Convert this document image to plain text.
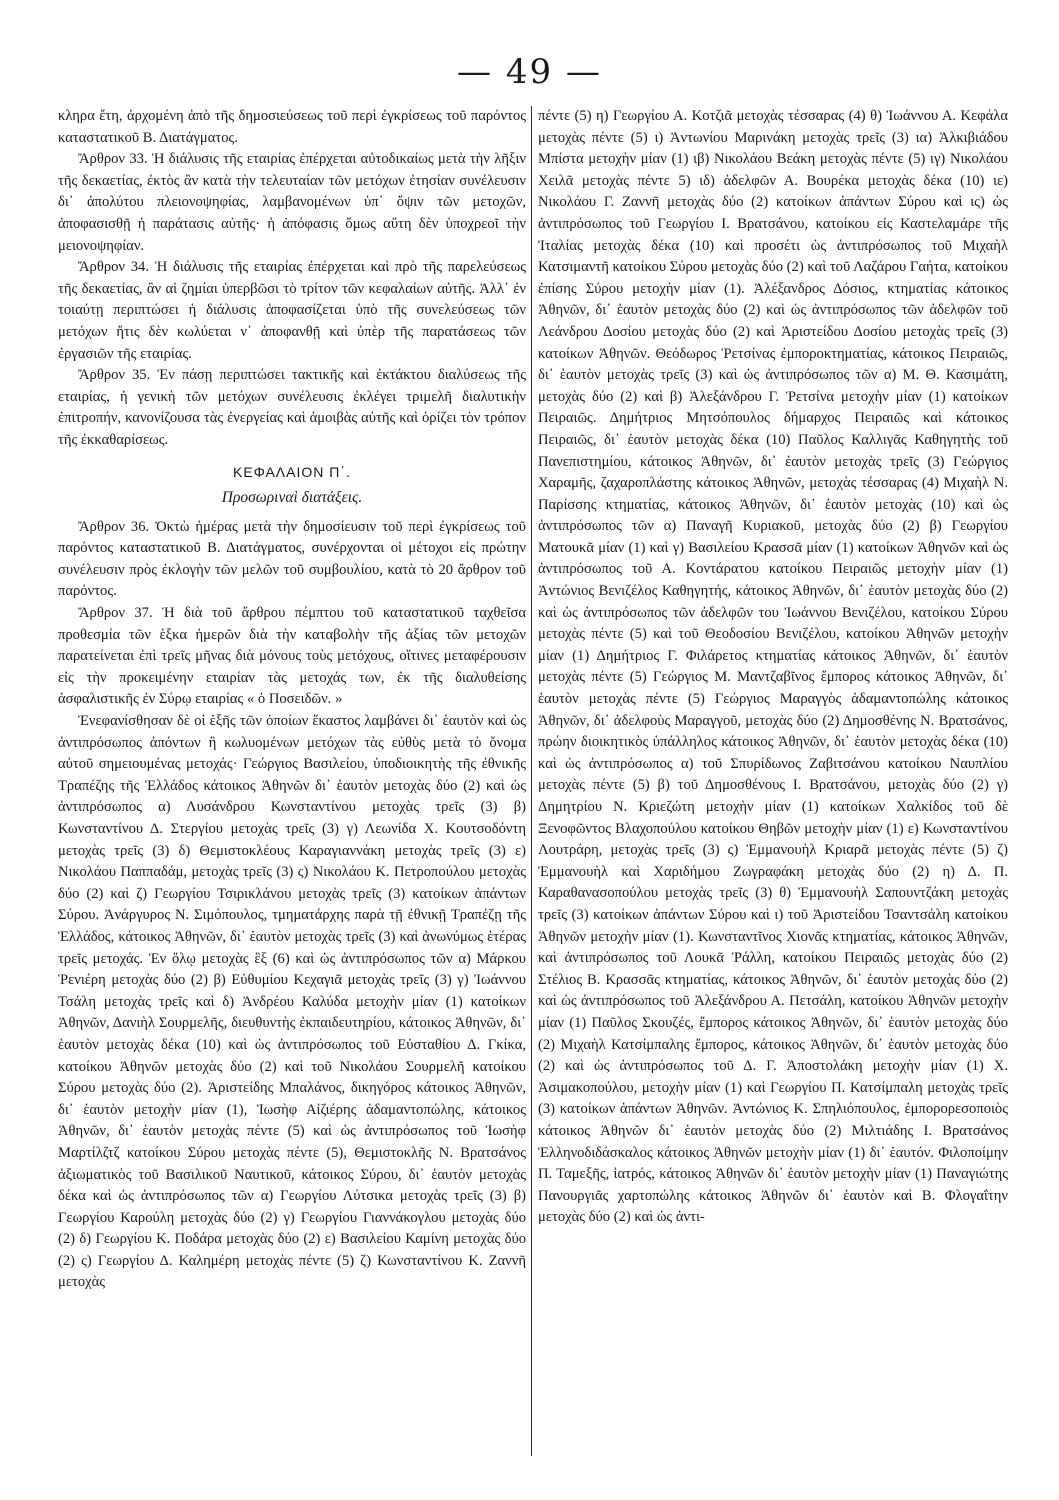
— 49 —

κληρα ἔτη, ἀρχομένη ἀπὸ τῆς δημοσιεύσεως τοῦ περὶ ἐγκρίσεως τοῦ παρόντος καταστατικοῦ Β. Διατάγματος.

Ἄρθρον 33. Ἡ διάλυσις τῆς εταιρίας ἐπέρχεται αὐτοδικαίως μετὰ τὴν λῆξιν τῆς δεκαετίας, ἐκτὸς ἂν κατὰ τὴν τελευταίαν τῶν μετόχων ἐτησίαν συνέλευσιν δι᾽ ἀπολύτου πλειονοψηφίας, λαμβανομένων ὑπ᾽ ὄψιν τῶν μετοχῶν, ἀποφασισθῇ ἡ παράτασις αὐτῆς· ἡ ἀπόφασις ὅμως αὕτη δὲν ὑποχρεοῖ τὴν μειονοψηφίαν.

Ἄρθρον 34. Ἡ διάλυσις τῆς εταιρίας ἐπέρχεται καὶ πρὸ τῆς παρελεύσεως τῆς δεκαετίας, ἂν αἱ ζημίαι ὑπερβῶσι τὸ τρίτον τῶν κεφαλαίων αὐτῆς. Ἀλλ᾽ ἐν τοιαύτῃ περιπτώσει ἡ διάλυσις ἀποφασίζεται ὑπὸ τῆς συνελεύσεως τῶν μετόχων ἥτις δὲν κωλύεται ν᾽ ἀποφανθῇ καὶ ὑπὲρ τῆς παρατάσεως τῶν ἐργασιῶν τῆς εταιρίας.

Ἄρθρον 35. Ἐν πάσῃ περιπτώσει τακτικῆς καὶ ἐκτάκτου διαλύσεως τῆς εταιρίας, ἡ γενικὴ τῶν μετόχων συνέλευσις ἐκλέγει τριμελῆ διαλυτικὴν ἐπιτροπήν, κανονίζουσα τὰς ἐνεργείας καὶ ἀμοιβὰς αὐτῆς καὶ ὁρίζει τὸν τρόπον τῆς ἐκκαθαρίσεως.

ΚΕΦΑΛΑΙΟΝ Π΄.
Προσωριναὶ διατάξεις.

Ἄρθρον 36. Ὀκτὼ ἡμέρας μετὰ τὴν δημοσίευσιν τοῦ περὶ ἐγκρίσεως τοῦ παρόντος καταστατικοῦ Β. Διατάγματος, συνέρχονται οἱ μέτοχοι εἰς πρώτην συνέλευσιν πρὸς ἐκλογὴν τῶν μελῶν τοῦ συμβουλίου, κατὰ τὸ 20 ἄρθρον τοῦ παρόντος.

Ἄρθρον 37. Ἡ διὰ τοῦ ἄρθρου πέμπτου τοῦ καταστατικοῦ ταχθεῖσα προθεσμία τῶν ἑξκα ἡμερῶν διὰ τὴν καταβολὴν τῆς ἀξίας τῶν μετοχῶν παρατείνεται ἐπὶ τρεῖς μῆνας διὰ μόνους τοὺς μετόχους, οἵτινες μεταφέρουσιν εἰς τὴν προκειμένην εταιρίαν τὰς μετοχάς των, ἐκ τῆς διαλυθείσης ἀσφαλιστικῆς ἐν Σύρῳ εταιρίας « ὁ Ποσειδῶν. »

Ἐνεφανίσθησαν δὲ οἱ ἑξῆς τῶν ὁποίων ἕκαστος λαμβάνει δι᾽ ἑαυτὸν καὶ ὡς ἀντιπρόσωπος ἀπόντων ἢ κωλυομένων μετόχων τὰς εὐθὺς μετὰ τὸ ὄνομα αὐτοῦ σημειουμένας μετοχάς· Γεώργιος Βασιλείου, ὑποδιοικητὴς τῆς ἐθνικῆς Τραπέζης τῆς Ἑλλάδος κάτοικος Ἀθηνῶν δι᾽ ἑαυτὸν μετοχὰς δύο (2) καὶ ὡς ἀντιπρόσωπος α) Λυσάνδρου Κωνσταντίνου μετοχὰς τρεῖς (3) β) Κωνσταντίνου Δ. Στεργίου μετοχὰς τρεῖς (3) γ) Λεωνίδα Χ. Κουτσοδόντη μετοχὰς τρεῖς (3) δ) Θεμιστοκλέους Καραγιαννάκη μετοχὰς τρεῖς (3) ε) Νικολάου Παππαδάμ, μετοχὰς τρεῖς (3) ς) Νικολάου Κ. Πετροπούλου μετοχὰς δύο (2) καὶ ζ) Γεωργίου Τσιρικλάνου μετοχὰς τρεῖς (3) κατοίκων ἁπάντων Σύρου. Ἀνάργυρος Ν. Σιμόπουλος, τμηματάρχης παρὰ τῇ ἐθνικῇ Τραπέζῃ τῆς Ἑλλάδος, κάτοικος Ἀθηνῶν, δι᾽ ἑαυτὸν μετοχὰς τρεῖς (3) καὶ ἀνωνύμως ἑτέρας τρεῖς μετοχάς. Ἐν ὅλῳ μετοχὰς ἓξ (6) καὶ ὡς ἀντιπρόσωπος τῶν α) Μάρκου Ῥενιέρη μετοχὰς δύο (2) β) Εὐθυμίου Κεχαγιᾶ μετοχὰς τρεῖς (3) γ) Ἰωάννου Τσάλη μετοχὰς τρεῖς καὶ δ) Ἀνδρέου Καλύδα μετοχὴν μίαν (1) κατοίκων Ἀθηνῶν, Δανιὴλ Σουρμελῆς, διευθυντὴς ἐκπαιδευτηρίου, κάτοικος Ἀθηνῶν, δι᾽ ἑαυτὸν μετοχὰς δέκα (10) καὶ ὡς ἀντιπρόσωπος τοῦ Εὐσταθίου Δ. Γκίκα, κατοίκου Ἀθηνῶν μετοχὰς δύο (2) καὶ τοῦ Νικολάου Σουρμελῆ κατοίκου Σύρου μετοχὰς δύο (2). Ἀριστείδης Μπαλάνος, δικηγόρος κάτοικος Ἀθηνῶν, δι᾽ ἑαυτὸν μετοχὴν μίαν (1), Ἰωσὴφ Αἰζιέρης ἀδαμαντοπώλης, κάτοικος Ἀθηνῶν, δι᾽ ἑαυτὸν μετοχὰς πέντε (5) καὶ ὡς ἀντιπρόσωπος τοῦ Ἰωσὴφ Μαρτίλζτζ κατοίκου Σύρου μετοχὰς πέντε (5), Θεμιστοκλῆς Ν. Βρατσάνος ἀξιωματικὸς τοῦ Βασιλικοῦ Ναυτικοῦ, κάτοικος Σύρου, δι᾽ ἑαυτὸν μετοχὰς δέκα καὶ ὡς ἀντιπρόσωπος τῶν α) Γεωργίου Λύτσικα μετοχὰς τρεῖς (3) β) Γεωργίου Καρούλη μετοχὰς δύο (2) γ) Γεωργίου Γιαννάκογλου μετοχὰς δύο (2) δ) Γεωργίου Κ. Ποδάρα μετοχὰς δύο (2) ε) Βασιλείου Καμίνη μετοχὰς δύο (2) ς) Γεωργίου Δ. Καλημέρη μετοχὰς πέντε (5) ζ) Κωνσταντίνου Κ. Ζαννῆ μετοχὰς

πέντε (5) η) Γεωργίου Α. Κοτζιᾶ μετοχὰς τέσσαρας (4) θ) Ἰωάννου Α. Κεφάλα μετοχὰς πέντε (5) ι) Ἀντωνίου Μαρινάκη μετοχὰς τρεῖς (3) ια) Ἀλκιβιάδου Μπίστα μετοχὴν μίαν (1) ιβ) Νικολάου Βεάκη μετοχὰς πέντε (5) ιγ) Νικολάου Χειλᾶ μετοχὰς πέντε 5) ιδ) ἀδελφῶν Α. Βουρέκα μετοχὰς δέκα (10) ιε) Νικολάου Γ. Ζαννῆ μετοχὰς δύο (2) κατοίκων ἁπάντων Σύρου καὶ ις) ὡς ἀντιπρόσωπος τοῦ Γεωργίου Ι. Βρατσάνου, κατοίκου εἰς Καστελαμάρε τῆς Ἰταλίας μετοχὰς δέκα (10) καὶ προσέτι ὡς ἀντιπρόσωπος τοῦ Μιχαὴλ Κατσιμαντῆ κατοίκου Σύρου μετοχὰς δύο (2) καὶ τοῦ Λαζάρου Γαήτα, κατοίκου ἐπίσης Σύρου μετοχὴν μίαν (1). Ἀλέξανδρος Δόσιος, κτηματίας κάτοικος Ἀθηνῶν, δι᾽ ἑαυτὸν μετοχὰς δύο (2) καὶ ὡς ἀντιπρόσωπος τῶν ἀδελφῶν τοῦ Λεάνδρου Δοσίου μετοχὰς δύο (2) καὶ Ἀριστείδου Δοσίου μετοχὰς τρεῖς (3) κατοίκων Ἀθηνῶν. Θεόδωρος Ῥετσίνας ἐμποροκτηματίας, κάτοικος Πειραιῶς, δι᾽ ἑαυτὸν μετοχὰς τρεῖς (3) καὶ ὡς ἀντιπρόσωπος τῶν α) Μ. Θ. Κασιμάτη, μετοχὰς δύο (2) καὶ β) Ἀλεξάνδρου Γ. Ῥετσίνα μετοχὴν μίαν (1) κατοίκων Πειραιῶς. Δημήτριος Μητσόπουλος δήμαρχος Πειραιῶς καὶ κάτοικος Πειραιῶς, δι᾽ ἑαυτὸν μετοχὰς δέκα (10) Παῦλος Καλλιγᾶς Καθηγητὴς τοῦ Πανεπιστημίου, κάτοικος Ἀθηνῶν, δι᾽ ἑαυτὸν μετοχὰς τρεῖς (3) Γεώργιος Χαραμῆς, ζαχαροπλάστης κάτοικος Ἀθηνῶν, μετοχὰς τέσσαρας (4) Μιχαὴλ Ν. Παρίσσης κτηματίας, κάτοικος Ἀθηνῶν, δι᾽ ἑαυτὸν μετοχὰς (10) καὶ ὡς ἀντιπρόσωπος τῶν α) Παναγῆ Κυριακοῦ, μετοχὰς δύο (2) β) Γεωργίου Ματουκᾶ μίαν (1) καὶ γ) Βασιλείου Κρασσᾶ μίαν (1) κατοίκων Ἀθηνῶν καὶ ὡς ἀντιπρόσωπος τοῦ Α. Κοντάρατου κατοίκου Πειραιῶς μετοχὴν μίαν (1) Ἀντώνιος Βενιζέλος Καθηγητής, κάτοικος Ἀθηνῶν, δι᾽ ἑαυτὸν μετοχὰς δύο (2) καὶ ὡς ἀντιπρόσωπος τῶν ἀδελφῶν του Ἰωάννου Βενιζέλου, κατοίκου Σύρου μετοχὰς πέντε (5) καὶ τοῦ Θεοδοσίου Βενιζέλου, κατοίκου Ἀθηνῶν μετοχὴν μίαν (1) Δημήτριος Γ. Φιλάρετος κτηματίας κάτοικος Ἀθηνῶν, δι᾽ ἑαυτὸν μετοχὰς πέντε (5) Γεώργιος Μ. Μαντζαβῖνος ἔμπορος κάτοικος Ἀθηνῶν, δι᾽ ἑαυτὸν μετοχὰς πέντε (5) Γεώργιος Μαραγγὸς ἀδαμαντοπώλης κάτοικος Ἀθηνῶν, δι᾽ ἀδελφοὺς Μαραγγοῦ, μετοχὰς δύο (2) Δημοσθένης Ν. Βρατσάνος, πρώην διοικητικὸς ὑπάλληλος κάτοικος Ἀθηνῶν, δι᾽ ἑαυτὸν μετοχὰς δέκα (10) καὶ ὡς ἀντιπρόσωπος α) τοῦ Σπυρίδωνος Ζαβιτσάνου κατοίκου Ναυπλίου μετοχὰς πέντε (5) β) τοῦ Δημοσθένους Ι. Βρατσάνου, μετοχὰς δύο (2) γ) Δημητρίου Ν. Κριεζώτη μετοχὴν μίαν (1) κατοίκων Χαλκίδος τοῦ δὲ Ξενοφῶντος Βλαχοπούλου κατοίκου Θηβῶν μετοχὴν μίαν (1) ε) Κωνσταντίνου Λουτράρη, μετοχὰς τρεῖς (3) ς) Ἐμμανουὴλ Κριαρᾶ μετοχὰς πέντε (5) ζ) Ἐμμανουὴλ καὶ Χαριδήμου Ζωγραφάκη μετοχὰς δύο (2) η) Δ. Π. Καραθανασοπούλου μετοχὰς τρεῖς (3) θ) Ἐμμανουὴλ Σαπουντζάκη μετοχὰς τρεῖς (3) κατοίκων ἁπάντων Σύρου καὶ ι) τοῦ Ἀριστείδου Τσαντσάλη κατοίκου Ἀθηνῶν μετοχὴν μίαν (1). Κωνσταντῖνος Χιονᾶς κτηματίας, κάτοικος Ἀθηνῶν, καὶ ἀντιπρόσωπος τοῦ Λουκᾶ Ῥάλλη, κατοίκου Πειραιῶς μετοχὰς δύο (2) Στέλιος Β. Κρασσᾶς κτηματίας, κάτοικος Ἀθηνῶν, δι᾽ ἑαυτὸν μετοχὰς δύο (2) καὶ ὡς ἀντιπρόσωπος τοῦ Ἀλεξάνδρου Α. Πετσάλη, κατοίκου Ἀθηνῶν μετοχὴν μίαν (1) Παῦλος Σκουζές, ἔμπορος κάτοικος Ἀθηνῶν, δι᾽ ἑαυτὸν μετοχὰς δύο (2) Μιχαὴλ Κατσίμπαλης ἔμπορος, κάτοικος Ἀθηνῶν, δι᾽ ἑαυτὸν μετοχὰς δύο (2) καὶ ὡς ἀντιπρόσωπος τοῦ Δ. Γ. Ἀποστολάκη μετοχὴν μίαν (1) Χ. Ἀσιμακοπούλου, μετοχὴν μίαν (1) καὶ Γεωργίου Π. Κατσίμπαλη μετοχὰς τρεῖς (3) κατοίκων ἁπάντων Ἀθηνῶν. Ἀντώνιος Κ. Σπηλιόπουλος, ἐμπορορεσοποιὸς κάτοικος Ἀθηνῶν δι᾽ ἑαυτὸν μετοχὰς δύο (2) Μιλτιάδης Ι. Βρατσάνος Ἑλληνοδιδάσκαλος κάτοικος Ἀθηνῶν μετοχὴν μίαν (1) δι᾽ ἑαυτόν. Φιλοποίμην Π. Ταμεξῆς, ἰατρός, κάτοικος Ἀθηνῶν δι᾽ ἑαυτὸν μετοχὴν μίαν (1) Παναγιώτης Πανουργιᾶς χαρτοπώλης κάτοικος Ἀθηνῶν δι᾽ ἑαυτὸν καὶ Β. Φλογαΐτην μετοχὰς δύο (2) καὶ ὡς ἀντι-
